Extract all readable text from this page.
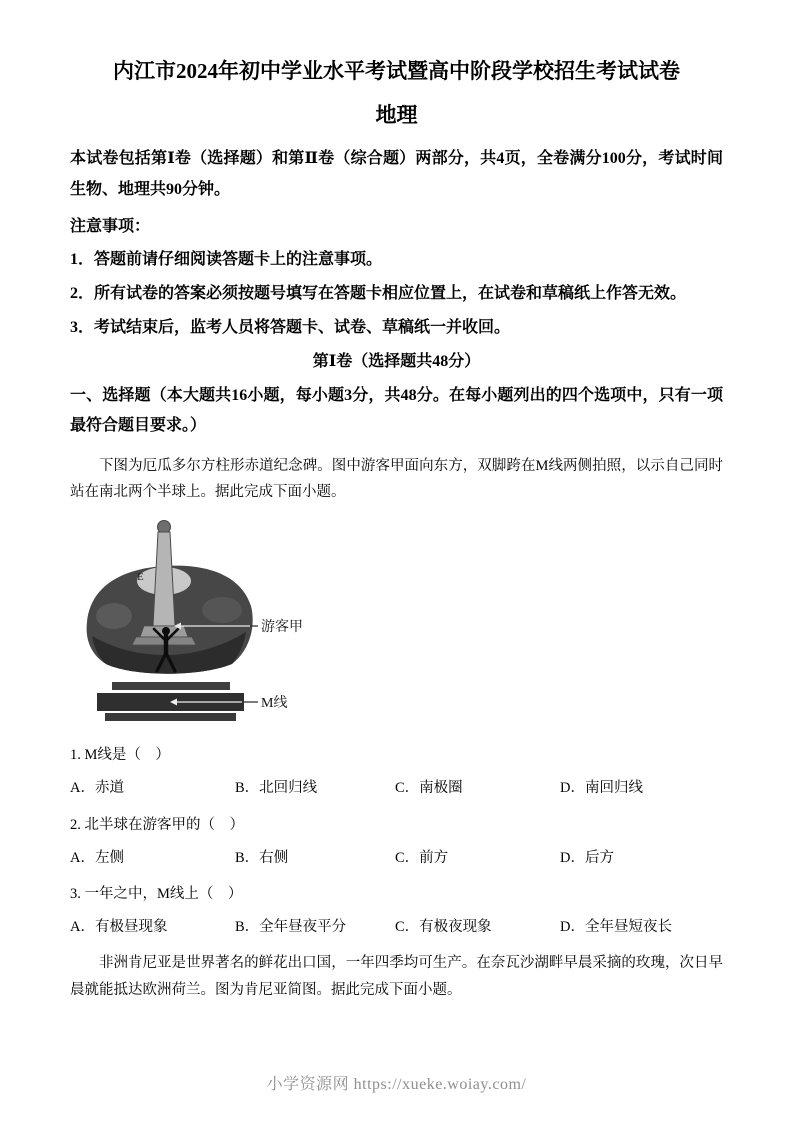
内江市2024年初中学业水平考试暨高中阶段学校招生考试试卷
地理

本试卷包括第Ⅰ卷（选择题）和第Ⅱ卷（综合题）两部分，共4页，全卷满分100分，考试时间生物、地理共90分钟。

注意事项：

1．答题前请仔细阅读答题卡上的注意事项。

2．所有试卷的答案必须按题号填写在答题卡相应位置上，在试卷和草稿纸上作答无效。

3．考试结束后，监考人员将答题卡、试卷、草稿纸一并收回。

第Ⅰ卷（选择题共48分）

一、选择题（本大题共16小题，每小题3分，共48分。在每小题列出的四个选项中，只有一项最符合题目要求。）

下图为厄瓜多尔方柱形赤道纪念碑。图中游客甲面向东方，双脚跨在M线两侧拍照，以示自己同时站在南北两个半球上。据此完成下面小题。

E
游客甲
M线

1. M线是（　）

A．赤道	B．北回归线	C．南极圈	D．南回归线

2. 北半球在游客甲的（　）

A．左侧	B．右侧	C．前方	D．后方

3. 一年之中，M线上（　）

A．有极昼现象	B．全年昼夜平分	C．有极夜现象	D．全年昼短夜长

非洲肯尼亚是世界著名的鲜花出口国，一年四季均可生产。在奈瓦沙湖畔早晨采摘的玫瑰，次日早晨就能抵达欧洲荷兰。图为肯尼亚简图。据此完成下面小题。

小学资源网 https://xueke.woiay.com/
